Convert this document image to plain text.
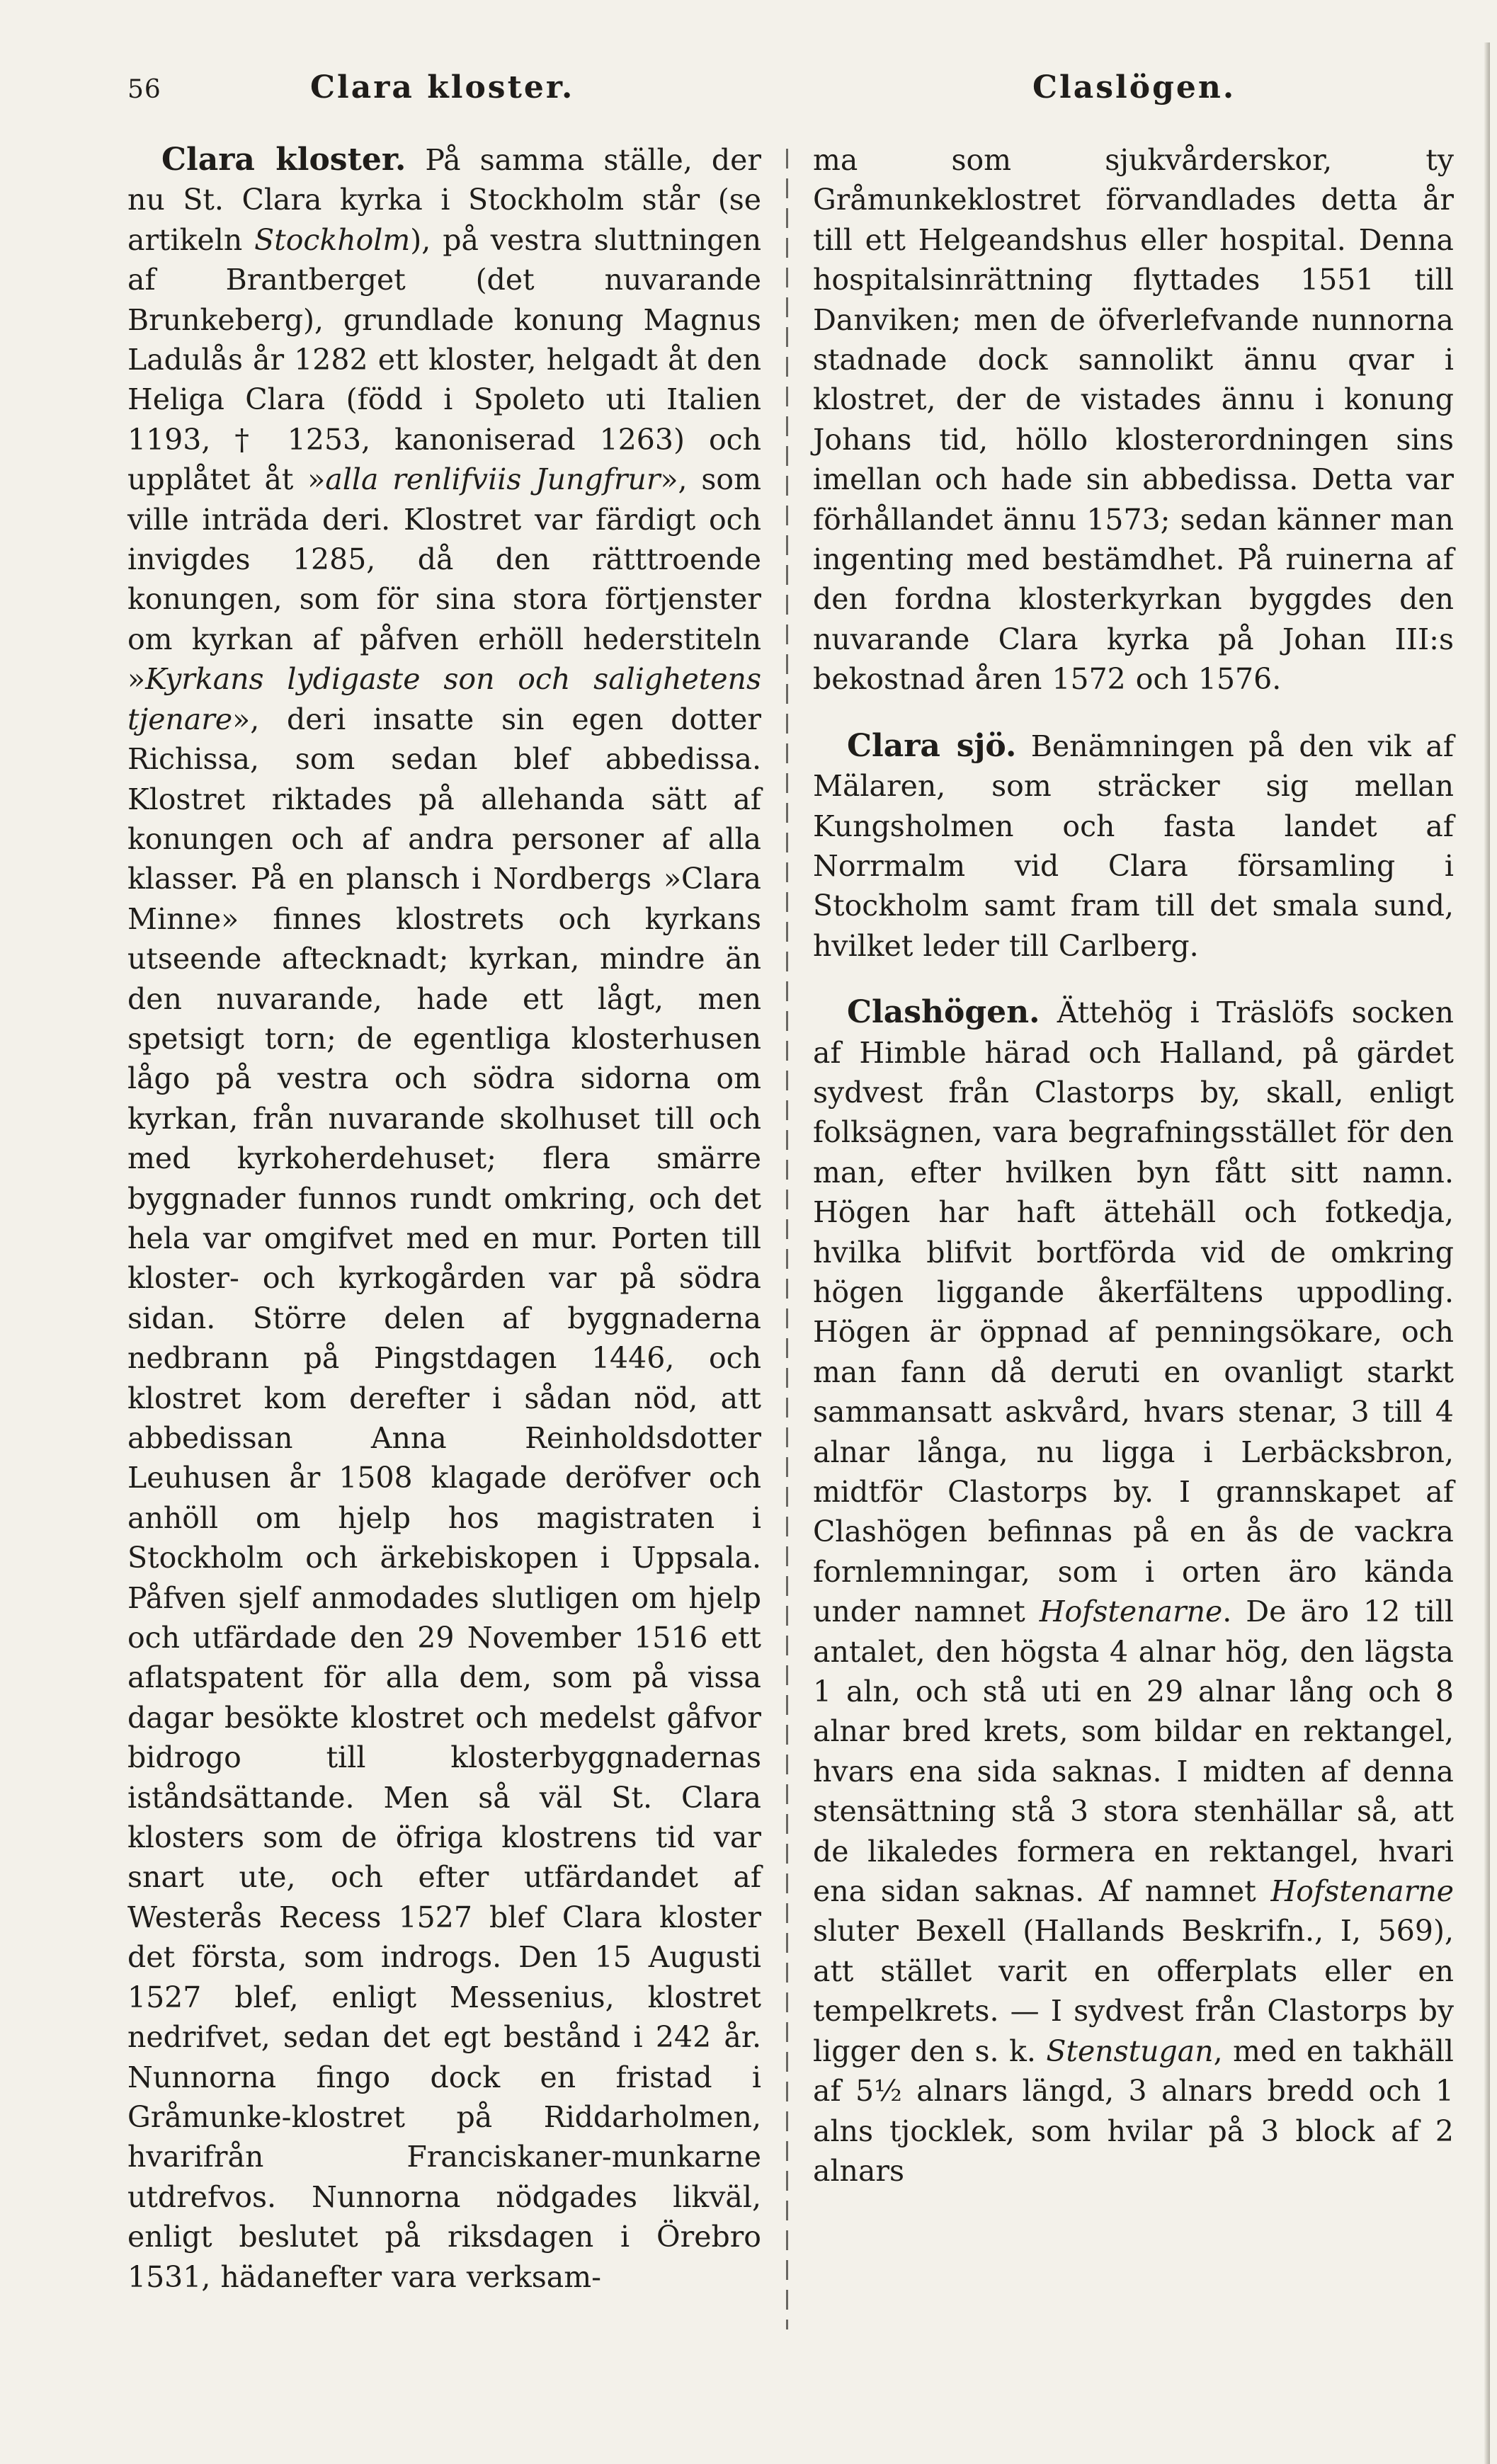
56	Clara kloster.	Claslögen.

Clara kloster. På samma ställe, der nu St. Clara kyrka i Stockholm står (se artikeln Stockholm), på vestra sluttningen af Brantberget (det nuvarande Brunkeberg), grundlade konung Magnus Ladulås år 1282 ett kloster, helgadt åt den Heliga Clara (född i Spoleto uti Italien 1193, † 1253, kanoniserad 1263) och upplåtet åt »alla renlifviis Jungfrur», som ville inträda deri. Klostret var färdigt och invigdes 1285, då den rätttroende konungen, som för sina stora förtjenster om kyrkan af påfven erhöll hederstiteln »Kyrkans lydigaste son och salighetens tjenare», deri insatte sin egen dotter Richissa, som sedan blef abbedissa. Klostret riktades på allehanda sätt af konungen och af andra personer af alla klasser. På en plansch i Nordbergs »Clara Minne» finnes klostrets och kyrkans utseende aftecknadt; kyrkan, mindre än den nuvarande, hade ett lågt, men spetsigt torn; de egentliga klosterhusen lågo på vestra och södra sidorna om kyrkan, från nuvarande skolhuset till och med kyrkoherdehuset; flera smärre byggnader funnos rundt omkring, och det hela var omgifvet med en mur. Porten till kloster- och kyrkogården var på södra sidan. Större delen af byggnaderna nedbrann på Pingstdagen 1446, och klostret kom derefter i sådan nöd, att abbedissan Anna Reinholdsdotter Leuhusen år 1508 klagade deröfver och anhöll om hjelp hos magistraten i Stockholm och ärkebiskopen i Uppsala. Påfven sjelf anmodades slutligen om hjelp och utfärdade den 29 November 1516 ett aflatspatent för alla dem, som på vissa dagar besökte klostret och medelst gåfvor bidrogo till klosterbyggnadernas iståndsättande. Men så väl St. Clara klosters som de öfriga klostrens tid var snart ute, och efter utfärdandet af Westerås Recess 1527 blef Clara kloster det första, som indrogs. Den 15 Augusti 1527 blef, enligt Messenius, klostret nedrifvet, sedan det egt bestånd i 242 år. Nunnorna fingo dock en fristad i Gråmunke-klostret på Riddarholmen, hvarifrån Franciskaner-munkarne utdrefvos. Nunnorna nödgades likväl, enligt beslutet på riksdagen i Örebro 1531, hädanefter vara verksam-

ma som sjukvårderskor, ty Gråmunkeklostret förvandlades detta år till ett Helgeandshus eller hospital. Denna hospitalsinrättning flyttades 1551 till Danviken; men de öfverlefvande nunnorna stadnade dock sannolikt ännu qvar i klostret, der de vistades ännu i konung Johans tid, höllo klosterordningen sins imellan och hade sin abbedissa. Detta var förhållandet ännu 1573; sedan känner man ingenting med bestämdhet. På ruinerna af den fordna klosterkyrkan byggdes den nuvarande Clara kyrka på Johan III:s bekostnad åren 1572 och 1576.

Clara sjö. Benämningen på den vik af Mälaren, som sträcker sig mellan Kungsholmen och fasta landet af Norrmalm vid Clara församling i Stockholm samt fram till det smala sund, hvilket leder till Carlberg.

Clashögen. Ättehög i Träslöfs socken af Himble härad och Halland, på gärdet sydvest från Clastorps by, skall, enligt folksägnen, vara begrafningsstället för den man, efter hvilken byn fått sitt namn. Högen har haft ättehäll och fotkedja, hvilka blifvit bortförda vid de omkring högen liggande åkerfältens uppodling. Högen är öppnad af penningsökare, och man fann då deruti en ovanligt starkt sammansatt askvård, hvars stenar, 3 till 4 alnar långa, nu ligga i Lerbäcksbron, midtför Clastorps by. I grannskapet af Clashögen befinnas på en ås de vackra fornlemningar, som i orten äro kända under namnet Hofstenarne. De äro 12 till antalet, den högsta 4 alnar hög, den lägsta 1 aln, och stå uti en 29 alnar lång och 8 alnar bred krets, som bildar en rektangel, hvars ena sida saknas. I midten af denna stensättning stå 3 stora stenhällar så, att de likaledes formera en rektangel, hvari ena sidan saknas. Af namnet Hofstenarne sluter Bexell (Hallands Beskrifn., I, 569), att stället varit en offerplats eller en tempelkrets. — I sydvest från Clastorps by ligger den s. k. Stenstugan, med en takhäll af 5½ alnars längd, 3 alnars bredd och 1 alns tjocklek, som hvilar på 3 block af 2 alnars
